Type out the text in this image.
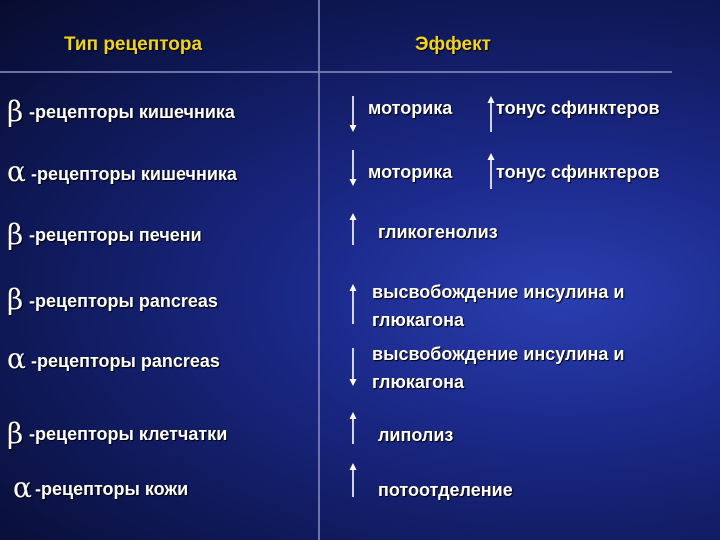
Тип рецептора	Эффект
β -рецепторы кишечника	моторика тонус сфинктеров
α -рецепторы кишечника	моторика тонус сфинктеров
β -рецепторы печени	гликогенолиз
β -рецепторы pancreas	высвобождение инсулина и глюкагона
α -рецепторы pancreas	высвобождение инсулина и глюкагона
β -рецепторы клетчатки	липолиз
α -рецепторы кожи	потоотделение
